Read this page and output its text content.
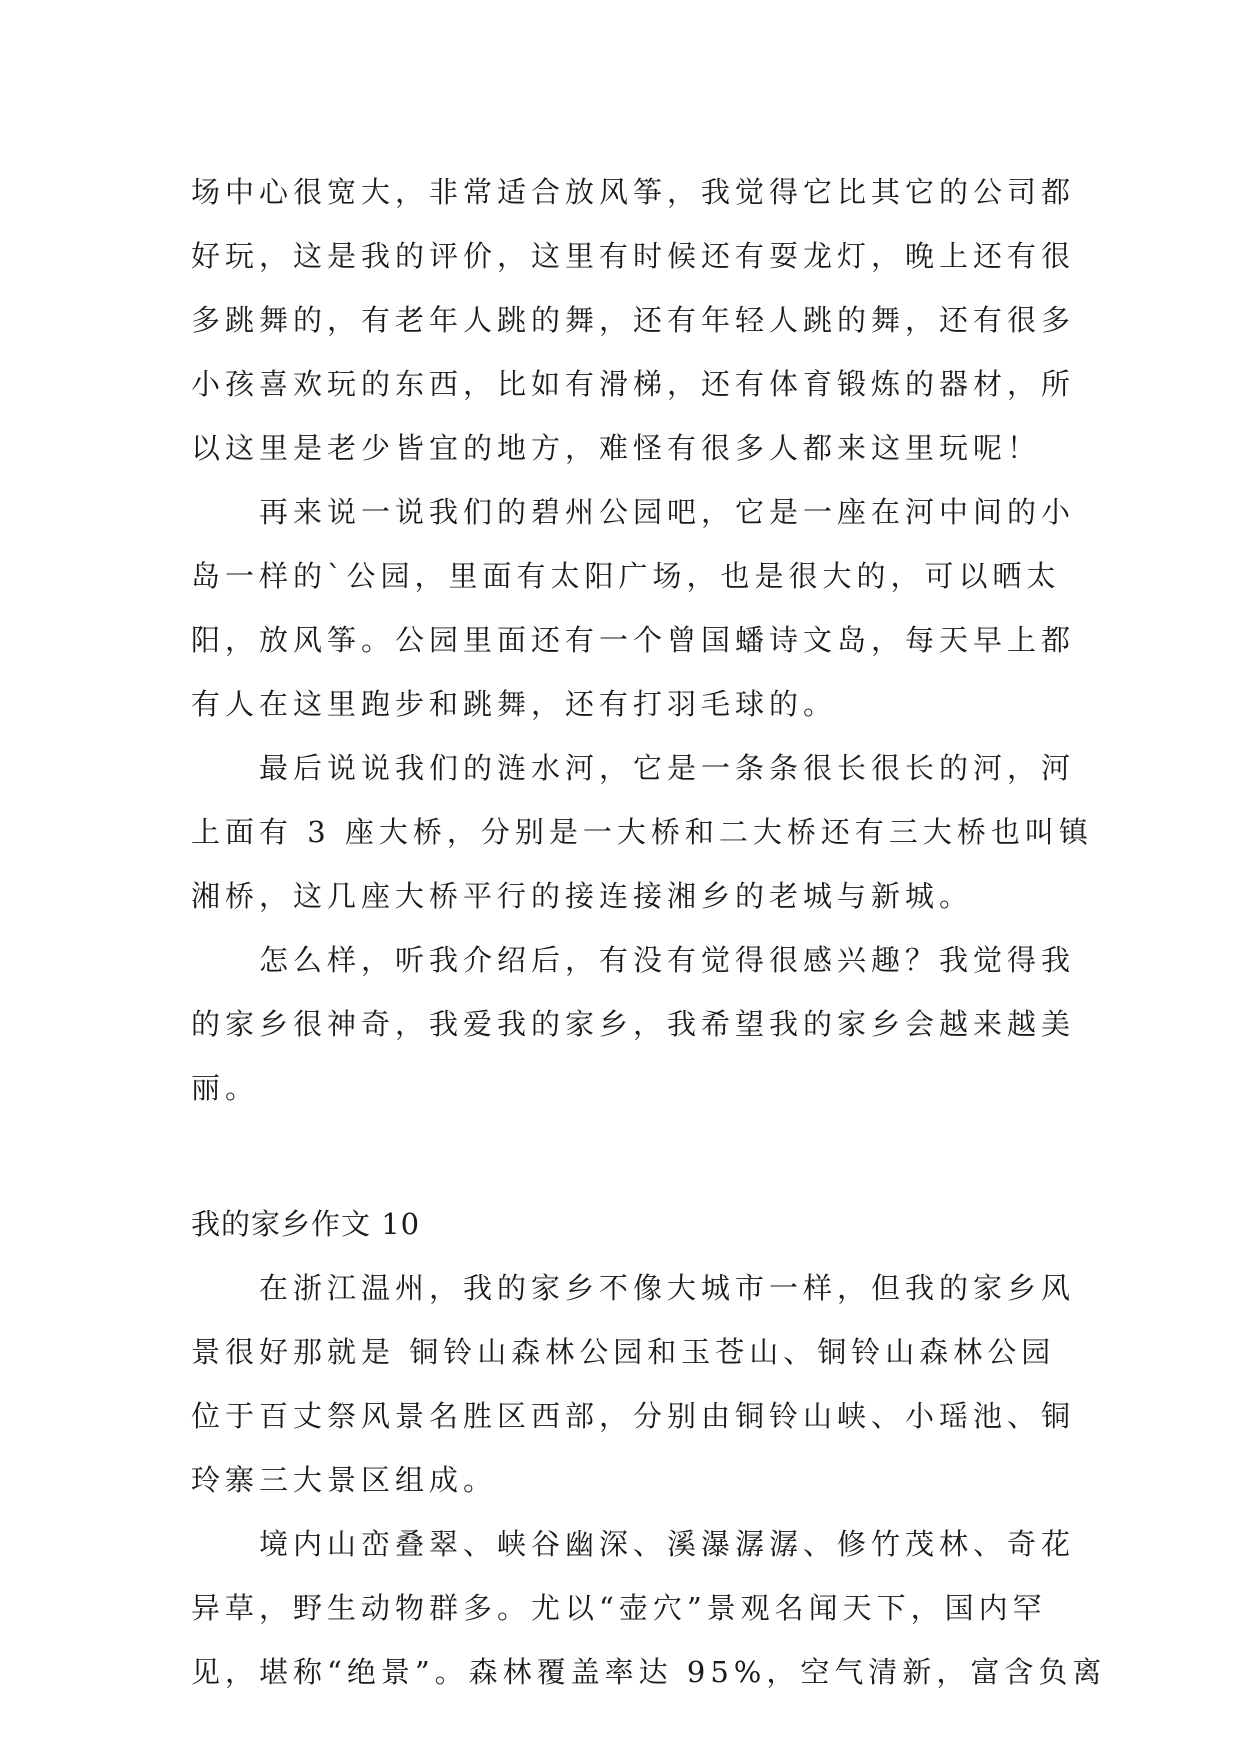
场中心很宽大，非常适合放风筝，我觉得它比其它的公司都
好玩，这是我的评价，这里有时候还有耍龙灯，晚上还有很
多跳舞的，有老年人跳的舞，还有年轻人跳的舞，还有很多
小孩喜欢玩的东西，比如有滑梯，还有体育锻炼的器材，所
以这里是老少皆宜的地方，难怪有很多人都来这里玩呢！
再来说一说我们的碧州公园吧，它是一座在河中间的小
岛一样的`公园，里面有太阳广场，也是很大的，可以晒太
阳，放风筝。公园里面还有一个曾国蟠诗文岛，每天早上都
有人在这里跑步和跳舞，还有打羽毛球的。
最后说说我们的涟水河，它是一条条很长很长的河，河
上面有 3 座大桥，分别是一大桥和二大桥还有三大桥也叫镇
湘桥，这几座大桥平行的接连接湘乡的老城与新城。
怎么样，听我介绍后，有没有觉得很感兴趣？我觉得我
的家乡很神奇，我爱我的家乡，我希望我的家乡会越来越美
丽。
我的家乡作文 10
在浙江温州，我的家乡不像大城市一样，但我的家乡风
景很好那就是 铜铃山森林公园和玉苍山、铜铃山森林公园
位于百丈祭风景名胜区西部，分别由铜铃山峡、小瑶池、铜
玲寨三大景区组成。
境内山峦叠翠、峡谷幽深、溪瀑潺潺、修竹茂林、奇花
异草，野生动物群多。尤以“壶穴”景观名闻天下，国内罕
见，堪称“绝景”。森林覆盖率达 95%，空气清新，富含负离
